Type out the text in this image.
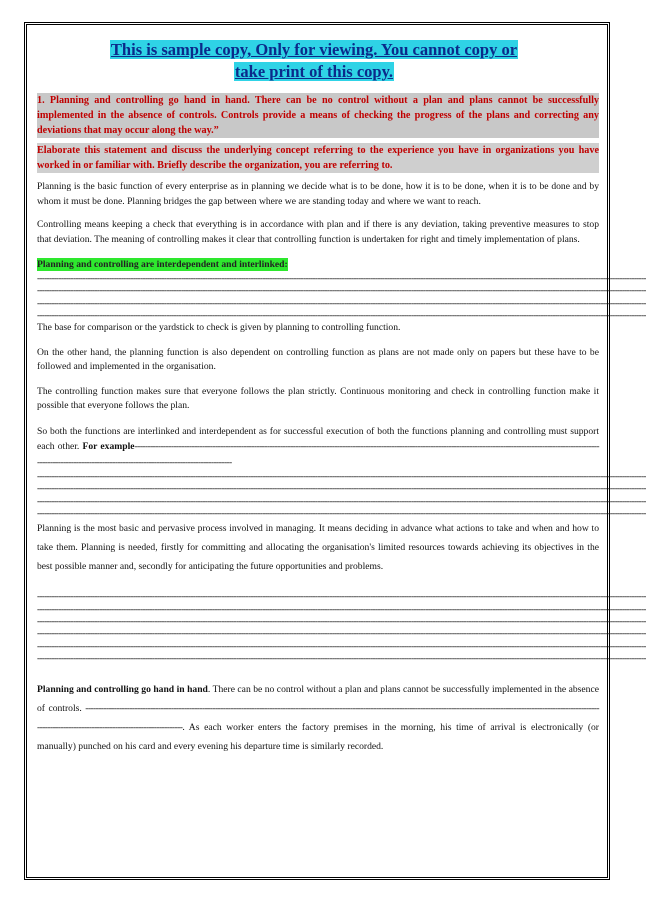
This is sample copy, Only for viewing. You cannot copy or
take print of this copy.
1. Planning and controlling go hand in hand. There can be no control without a plan and plans cannot be successfully implemented in the absence of controls. Controls provide a means of checking the progress of the plans and correcting any deviations that may occur along the way.”
Elaborate this statement and discuss the underlying concept referring to the experience you have in organizations you have worked in or familiar with. Briefly describe the organization, you are referring to.
Planning is the basic function of every enterprise as in planning we decide what is to be done, how it is to be done, when it is to be done and by whom it must be done. Planning bridges the gap between where we are standing today and where we want to reach.
Controlling means keeping a check that everything is in accordance with plan and if there is any deviation, taking preventive measures to stop that deviation. The meaning of controlling makes it clear that controlling function is undertaken for right and timely implementation of plans.
Planning and controlling are interdependent and interlinked:
--------------------------------------------------------------------------------------------------------------------------------------------------------------------------------------------------------------------------------------------------------------
--------------------------------------------------------------------------------------------------------------------------------------------------------------------------------------------------------------------------------------------------------------
--------------------------------------------------------------------------------------------------------------------------------------------------------------------------------------------------------------------------------------------------------------
--------------------------------------------------------------------------------------------------------------------------------------------------------------------------------------------------------------------------------------------------------------
The base for comparison or the yardstick to check is given by planning to controlling function.
On the other hand, the planning function is also dependent on controlling function as plans are not made only on papers but these have to be followed and implemented in the organisation.
The controlling function makes sure that everyone follows the plan strictly. Continuous monitoring and check in controlling function make it possible that everyone follows the plan.
So both the functions are interlinked and interdependent as for successful execution of both the functions planning and controlling must support each other. For example--------------------------------------------------------------------------------------------------------------------------------------------------------------------------------------------------------------------------------------------------------------
--------------------------------------------------------------------------------------------------------------------------------------------------------------------------------------------------------------------------------------------------------------
--------------------------------------------------------------------------------------------------------------------------------------------------------------------------------------------------------------------------------------------------------------
--------------------------------------------------------------------------------------------------------------------------------------------------------------------------------------------------------------------------------------------------------------
--------------------------------------------------------------------------------------------------------------------------------------------------------------------------------------------------------------------------------------------------------------
Planning is the most basic and pervasive process involved in managing. It means deciding in advance what actions to take and when and how to take them. Planning is needed, firstly for committing and allocating the organisation's limited resources towards achieving its objectives in the best possible manner and, secondly for anticipating the future opportunities and problems.
--------------------------------------------------------------------------------------------------------------------------------------------------------------------------------------------------------------------------------------------------------------
--------------------------------------------------------------------------------------------------------------------------------------------------------------------------------------------------------------------------------------------------------------
--------------------------------------------------------------------------------------------------------------------------------------------------------------------------------------------------------------------------------------------------------------
--------------------------------------------------------------------------------------------------------------------------------------------------------------------------------------------------------------------------------------------------------------
--------------------------------------------------------------------------------------------------------------------------------------------------------------------------------------------------------------------------------------------------------------
--------------------------------------------------------------------------------------------------------------------------------------------------------------------------------------------------------------------------------------------------------------
Planning and controlling go hand in hand. There can be no control without a plan and plans cannot be successfully implemented in the absence of controls. --------------------------------------------------------------------------------------------------------------------------------------------------------------------------------------------------------------------------------------------------------------. As each worker enters the factory premises in the morning, his time of arrival is electronically (or manually) punched on his card and every evening his departure time is similarly recorded.
